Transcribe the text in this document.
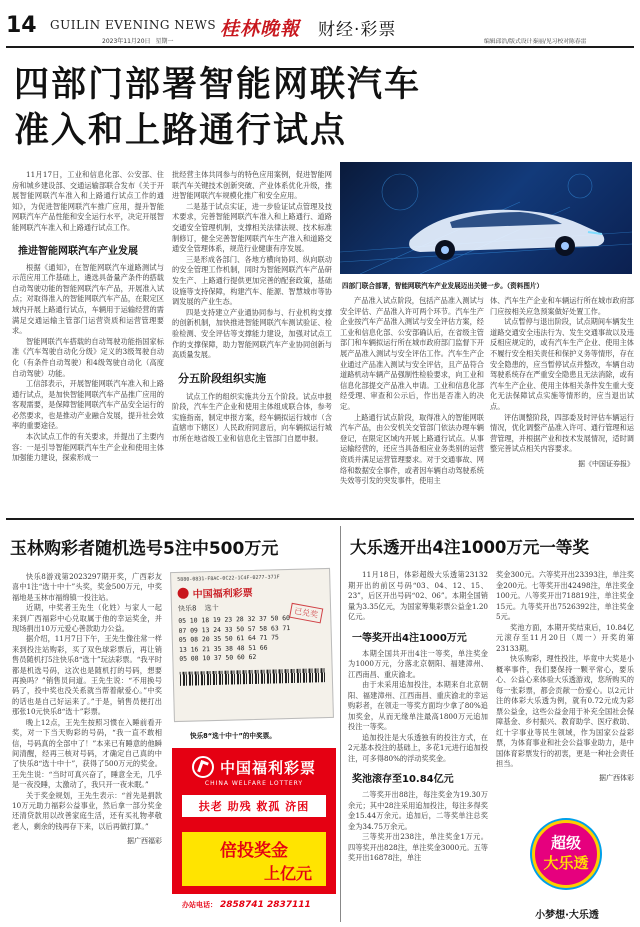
14 GUILIN EVENING NEWS
2023年11月20日 星期一
桂林晚報 财经·彩票
编辑邱浩/版式设计秦丽/见习校对陈春雷
四部门部署智能网联汽车
准入和上路通行试点

11月17日，工业和信息化部、公安部、住房和城乡建设部、交通运输部联合发布《关于开展智能网联汽车准入和上路通行试点工作的通知》，为促进智能网联汽车推广应用，提升智能网联汽车产品性能和安全运行水平，决定开展智能网联汽车准入和上路通行试点工作。

推进智能网联汽车产业发展

根据《通知》，在智能网联汽车道路测试与示范应用工作基础上，遴选具备量产条件的搭载自动驾驶功能的智能网联汽车产品，开展准入试点；对取得准入的智能网联汽车产品，在限定区域内开展上路通行试点，车辆用于运输经营的需满足交通运输主管部门运营资质和运营管理要求。

智能网联汽车搭载的自动驾驶功能指国家标准《汽车驾驶自动化分级》定义的3级驾驶自动化（有条件自动驾驶）和4级驾驶自动化（高度自动驾驶）功能。

工信部表示，开展智能网联汽车准入和上路通行试点，是加快智能网联汽车产品推广应用的客观需要，是保障智能网联汽车产品安全运行的必然要求，也是推动产业融合发展，提升社会效率的重要途径。

本次试点工作的有关要求，并提出了主要内容：一是引导智能网联汽车生产企业和使用主体加强能力建设，探索形成一

批经营主体共同参与的特色应用案例，促进智能网联汽车关键技术创新突破、产业体系优化升级，推进智能网联汽车规模化推广和安全应用。

二是基于试点实证，进一步验证试点管理及技术要求，完善智能网联汽车准入和上路通行、道路交通安全管理机制，支撑相关法律法规、技术标准制修订，健全完善智能网联汽车生产准入和道路交通安全管理体系，规范行业健康有序发展。

三是形成各部门、各地方横向协同、纵向联动的安全管理工作机制，同时为智能网联汽车产品研发生产、上路通行提供更加完善的配套政策，基础设施等支持保障，构建汽车、能源、智慧城市等协调发展的产业生态。

四是支持建立产业通协同参与、行业机构支撑的创新机制，加快推进智能网联汽车测试验证、检验检测、安全评估等支撑能力建设，加强对试点工作的支撑保障，助力智能网联汽车产业协同创新与高质量发展。

分五阶段组织实施

试点工作的组织实施共分五个阶段。试点申报阶段，汽车生产企业和使用主体组成联合体，参考实施指南，制定申报方案，经车辆拟运行城市（含直辖市下辖区）人民政府同意后，向车辆拟运行城市所在地省级工业和信息化主管部门自愿申报。

四部门联合部署，智能网联汽车产业发展迈出关键一步。（资料图片）

产品准入试点阶段，包括产品准入测试与安全评估、产品准入许可两个环节。汽车生产企业按汽车产品准入测试与安全评估方案，经工业和信息化部、公安部确认后，在省级主管部门和车辆拟运行所在城市政府部门监督下开展产品准入测试与安全评估工作。汽车生产企业通过产品准入测试与安全评估，且产品符合道路机动车辆产品强制性检验要求，向工业和信息化部提交产品准入申请。工业和信息化部经受理、审查和公示后，作出是否准入的决定。

上路通行试点阶段，取得准入的智能网联汽车产品，由公安机关交管部门依法办理车辆登记，在限定区域内开展上路通行试点。从事运输经营的，还应当具备相应业务类别的运营资质并满足运营管理要求。对于交通事故、网络和数据安全事件，或者因车辆自动驾驶系统失效等引发的突发事件，使用主

体、汽车生产企业和车辆运行所在城市政府部门应按相关应急预案做好处置工作。

试点暂停与退出阶段，试点期间车辆发生道路交通安全违法行为、发生交通事故以及违反相应规定的，或有汽车生产企业、使用主体不履行安全相关责任和保护义务等情形，存在安全隐患的，应当暂停试点并整改，车辆自动驾驶系统存在严重安全隐患且无法消除，或有汽车生产企业、使用主体相关条件发生重大变化无法保障试点实施等情形的，应当退出试点。

评估调整阶段，四部委及时评估车辆运行情况，优化调整产品准入许可、通行管理和运营管理，并根据产业和技术发展情况，适时调整完善试点相关内容要求。

据《中国证券报》
玉林购彩者随机选号5注中500万元

快乐8游戏第2023297期开奖，广西彩友喜中1注“选十中十”头奖，奖金500万元，中奖福地是玉林市福绵镇一投注站。

近期，中奖者王先生（化姓）与家人一起来到广西福彩中心兑取属于他的幸运奖金，并现场捐出10万元爱心善款助力公益。

据介绍，11月7日下午，王先生像往常一样来到投注站购彩，买了双色球彩票后，再让销售员随机打5注快乐8“选十”玩法彩票。“我平时都是机选号码，这次也是随机打的号码，想要再换吗？”销售员问道。王先生说：“不用换号码了，投中奖也没关系就当帮着献爱心。”中奖的话也是自己好运来了。”于是，销售员便打出那张10元快乐8“选十”彩票。

晚上12点，王先生按照习惯在入睡前看开奖，对一下当天购彩的号码，“我一直不敢相信，号码真的全部中了！”本来已有睡意的他瞬间清醒，经再三核对号码，才确定自己真的中了快乐8“选十中十”，获得了500万元的奖金。王先生说：“当时可真兴奋了，睡意全无，几乎是一夜没睡，太激动了，我只开一夜未眠。”

关于奖金规划，王先生表示：“首先是捐款10万元助力福彩公益事业，然后拿一部分奖金还清贷款用以改善家庭生活，还有买礼物孝敬老人，剩余的钱再存下来，以后再做打算。”

据广西福彩
5880-0831-F8AC-0C22-1C4F-0277-371F
中国福利彩票
快乐8 选十
05 10 18 19 23 28 32 37 50 60
07 09 13 24 33 50 57 58 63 71
05 08 20 35 50 61 64 71 75
13 16 21 35 38 48 51 66
05 08 10 37 50 60 62
已兑奖
快乐8“选十中十”的中奖票。
中国福利彩票
CHINA WELFARE LOTTERY
扶老 助残 救孤 济困
倍投奖金
上亿元
办站电话： 2858741 2837111
大乐透开出4注1000万元一等奖

11月18日，体彩超级大乐透第23132期开出的前区号码“03、04、12、15、23”，后区开出号码“02、06”。本期全国销量为3.35亿元，为国家筹集彩票公益金1.20亿元。

一等奖开出4注1000万元

本期全国共开出4注一等奖，单注奖金为1000万元，分落北京朝阳、福建漳州、江西南昌、重庆渝北。

由于未采用追加投注，本期来自北京朝阳、福建漳州、江西南昌、重庆渝北的幸运购彩者，在领走一等奖方面均少拿了80%追加奖金，从而无缘单注最高1800万元追加投注一等奖。

追加投注是大乐透独有的投注方式，在2元基本投注的基础上，多花1元进行追加投注，可多得80%的浮动奖奖金。

奖池滚存至10.84亿元

二等奖开出88注，每注奖金为19.30万余元；其中28注采用追加投注，每注多得奖金15.44万余元。追加后，二等奖单注总奖金为34.75万余元。

三等奖开出238注，单注奖金1万元。四等奖开出828注，单注奖金3000元。五等奖开出16878注，单注

奖金300元。六等奖开出23393注，单注奖金200元。七等奖开出42498注，单注奖金100元。八等奖开出718819注，单注奖金15元。九等奖开出7526392注，单注奖金5元。

奖池方面，本期开奖结束后，10.84亿元滚存至11月20日（周一）开奖的第23133期。

快乐购彩，理性投注，毕竟中大奖是小概率事件，我们要保持一颗平常心，要乐心、公益心来体验大乐透游戏，您所购买的每一张彩票，都会贡献一份爱心。以2元计注的体彩大乐透为例，就有0.72元成为彩票公益金，这些公益金用于补充全国社会保障基金、乡村振兴、教育助学、医疗救助、红十字事业等民生领域，作为国家公益彩票，为体育事业和社会公益事业助力，是中国体育彩票发行的初衷，更是一种社会责任担当。

据广西体彩
超级
大乐透
小梦想·大乐透
